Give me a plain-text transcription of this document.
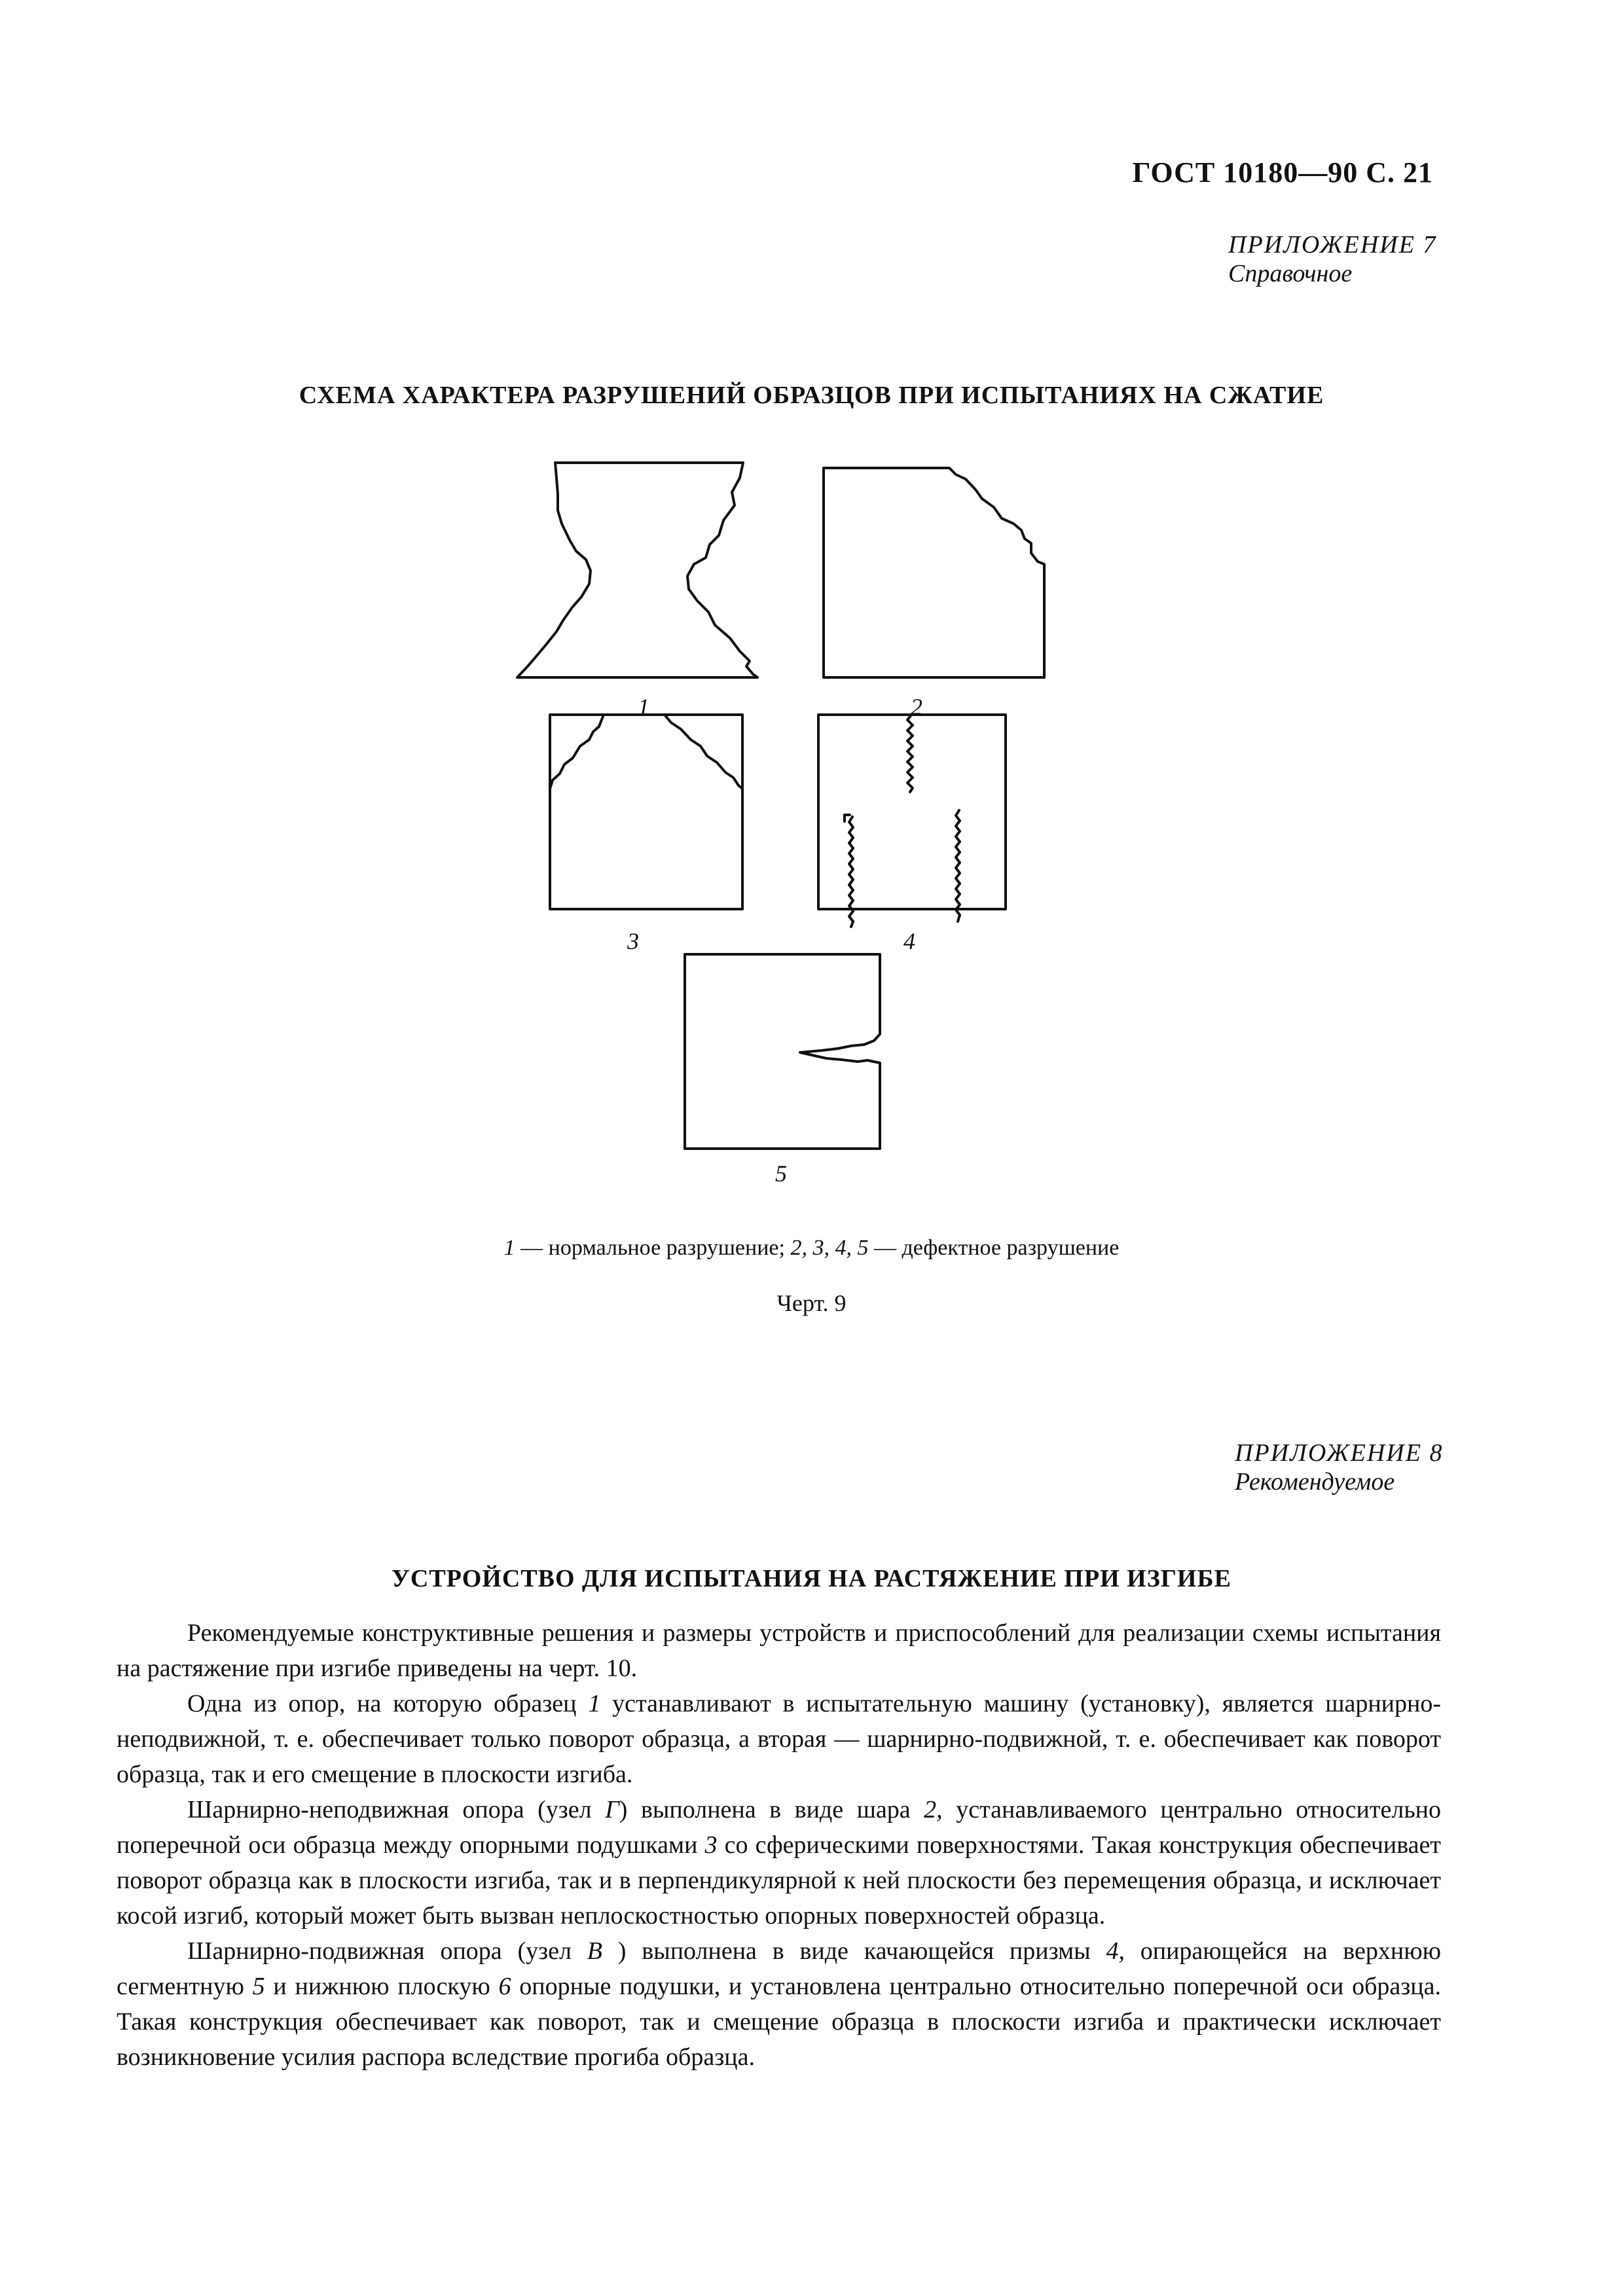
ГОСТ 10180—90 С. 21
ПРИЛОЖЕНИЕ 7
Справочное
СХЕМА ХАРАКТЕРА РАЗРУШЕНИЙ ОБРАЗЦОВ ПРИ ИСПЫТАНИЯХ НА СЖАТИЕ
1	2
3	4
5
1 — нормальное разрушение; 2, 3, 4, 5 — дефектное разрушение
Черт. 9
ПРИЛОЖЕНИЕ 8
Рекомендуемое
УСТРОЙСТВО ДЛЯ ИСПЫТАНИЯ НА РАСТЯЖЕНИЕ ПРИ ИЗГИБЕ

Рекомендуемые конструктивные решения и размеры устройств и приспособлений для реализации схемы испытания на растяжение при изгибе приведены на черт. 10.

Одна из опор, на которую образец 1 устанавливают в испытательную машину (установку), является шарнирно-неподвижной, т. е. обеспечивает только поворот образца, а вторая — шарнирно-подвижной, т. е. обеспечивает как поворот образца, так и его смещение в плоскости изгиба.

Шарнирно-неподвижная опора (узел Г) выполнена в виде шара 2, устанавливаемого центрально относительно поперечной оси образца между опорными подушками 3 со сферическими поверхностями. Такая конструкция обеспечивает поворот образца как в плоскости изгиба, так и в перпендикулярной к ней плоскости без перемещения образца, и исключает косой изгиб, который может быть вызван неплоскостностью опорных поверхностей образца.

Шарнирно-подвижная опора (узел В ) выполнена в виде качающейся призмы 4, опирающейся на верхнюю сегментную 5 и нижнюю плоскую 6 опорные подушки, и установлена центрально относительно поперечной оси образца. Такая конструкция обеспечивает как поворот, так и смещение образца в плоскости изгиба и практически исключает возникновение усилия распора вследствие прогиба образца.
